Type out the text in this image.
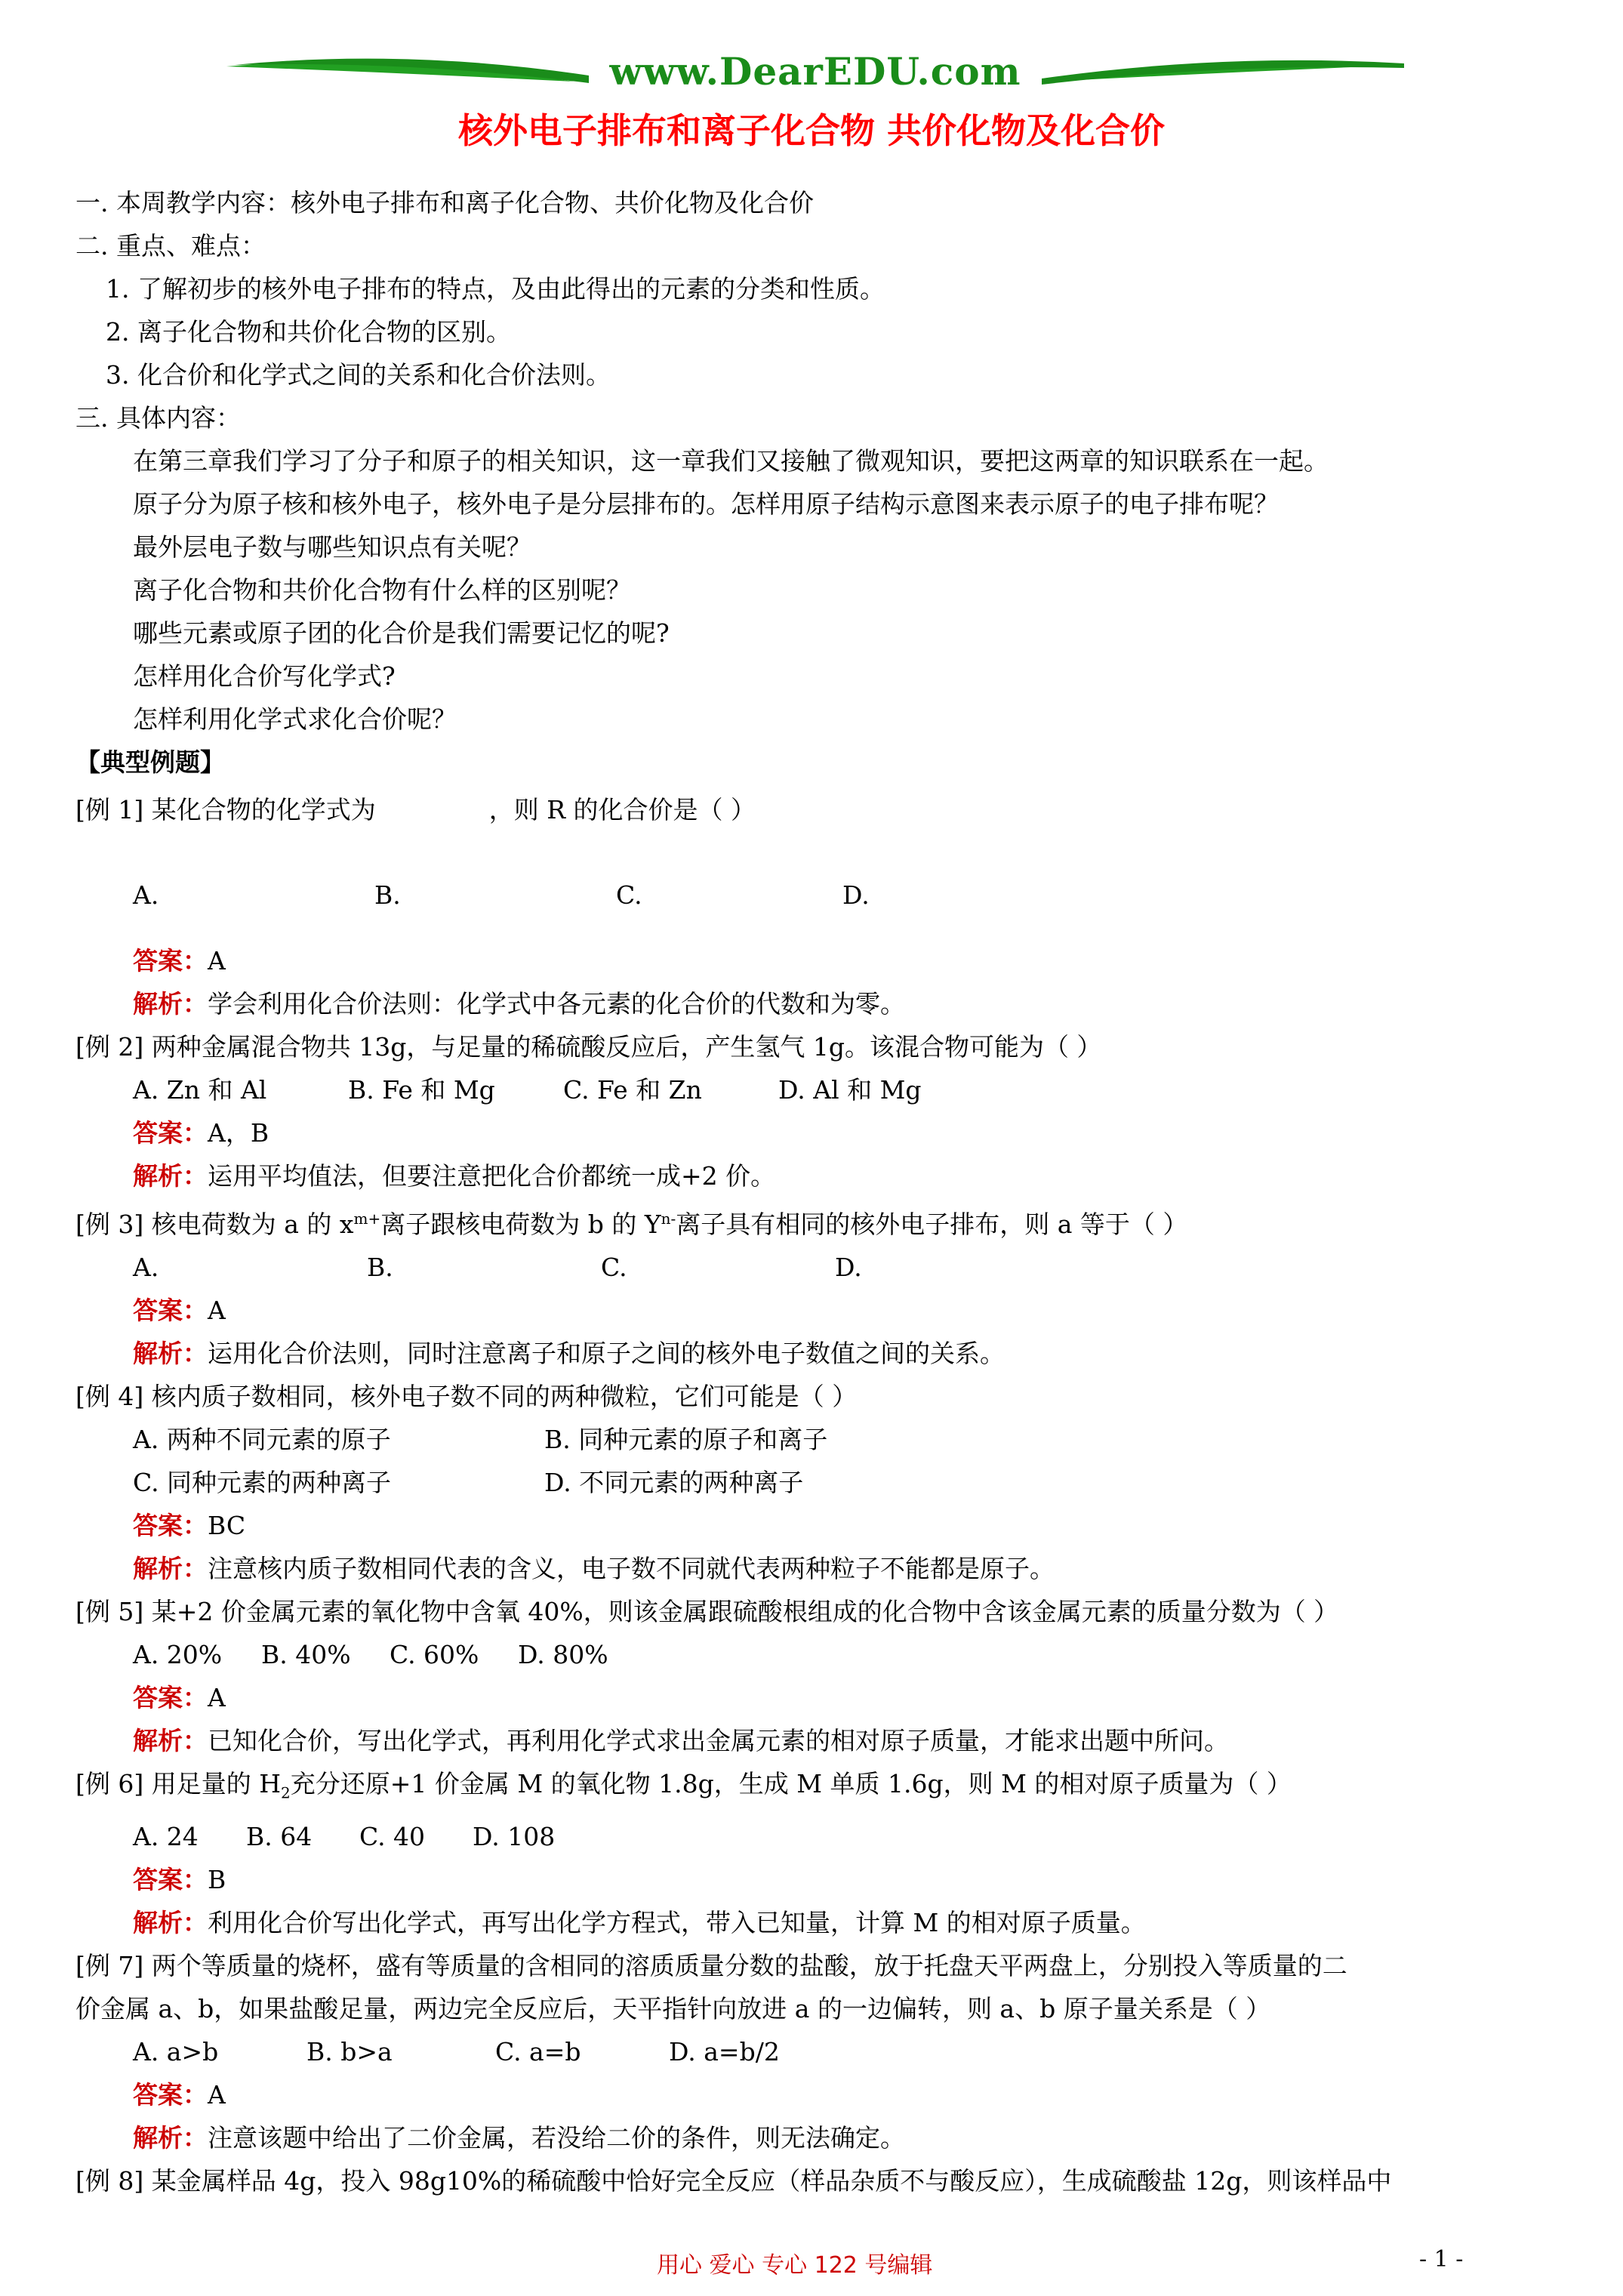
www.DearEDU.com
核外电子排布和离子化合物 共价化物及化合价
一. 本周教学内容：核外电子排布和离子化合物、共价化物及化合价
二. 重点、难点：
1. 了解初步的核外电子排布的特点，及由此得出的元素的分类和性质。
2. 离子化合物和共价化合物的区别。
3. 化合价和化学式之间的关系和化合价法则。
三. 具体内容：
在第三章我们学习了分子和原子的相关知识，这一章我们又接触了微观知识，要把这两章的知识联系在一起。
原子分为原子核和核外电子，核外电子是分层排布的。怎样用原子结构示意图来表示原子的电子排布呢？
最外层电子数与哪些知识点有关呢？
离子化合物和共价化合物有什么样的区别呢？
哪些元素或原子团的化合价是我们需要记忆的呢?
怎样用化合价写化学式?
怎样利用化学式求化合价呢？
【典型例题】
[例 1] 某化合物的化学式为	，则 R 的化合价是（ ）
A.	B.	C.	D.
答案：A
解析：学会利用化合价法则：化学式中各元素的化合价的代数和为零。
[例 2] 两种金属混合物共 13g，与足量的稀硫酸反应后，产生氢气 1g。该混合物可能为（ ）
A. Zn 和 Al	B. Fe 和 Mg	C. Fe 和 Zn	D. Al 和 Mg
答案：A，B
解析：运用平均值法，但要注意把化合价都统一成+2 价。
[例 3] 核电荷数为 a 的 $x^{m+}$离子跟核电荷数为 b 的 $Y^{n-}$离子具有相同的核外电子排布，则 a 等于（ ）
A.	B.	C.	D.
答案：A
解析：运用化合价法则，同时注意离子和原子之间的核外电子数值之间的关系。
[例 4] 核内质子数相同，核外电子数不同的两种微粒，它们可能是（ ）
A. 两种不同元素的原子	B. 同种元素的原子和离子
C. 同种元素的两种离子	D. 不同元素的两种离子
答案：BC
解析：注意核内质子数相同代表的含义，电子数不同就代表两种粒子不能都是原子。
[例 5] 某+2 价金属元素的氧化物中含氧 40%，则该金属跟硫酸根组成的化合物中含该金属元素的质量分数为（ ）
A. 20% B. 40% C. 60% D. 80%
答案：A
解析：已知化合价，写出化学式，再利用化学式求出金属元素的相对原子质量，才能求出题中所问。
[例 6] 用足量的 $H_2$充分还原+1 价金属 M 的氧化物 1.8g，生成 M 单质 1.6g，则 M 的相对原子质量为（ ）
A. 24 B. 64 C. 40 D. 108
答案：B
解析：利用化合价写出化学式，再写出化学方程式，带入已知量，计算 M 的相对原子质量。
[例 7] 两个等质量的烧杯，盛有等质量的含相同的溶质质量分数的盐酸，放于托盘天平两盘上，分别投入等质量的二
价金属 a、b，如果盐酸足量，两边完全反应后，天平指针向放进 a 的一边偏转，则 a、b 原子量关系是（ ）
A. a>b	B. b>a	C. a=b	D. a=b/2
答案：A
解析：注意该题中给出了二价金属，若没给二价的条件，则无法确定。
[例 8] 某金属样品 4g，投入 98g10%的稀硫酸中恰好完全反应（样品杂质不与酸反应），生成硫酸盐 12g，则该样品中
用心 爱心 专心 122 号编辑	- 1 -
